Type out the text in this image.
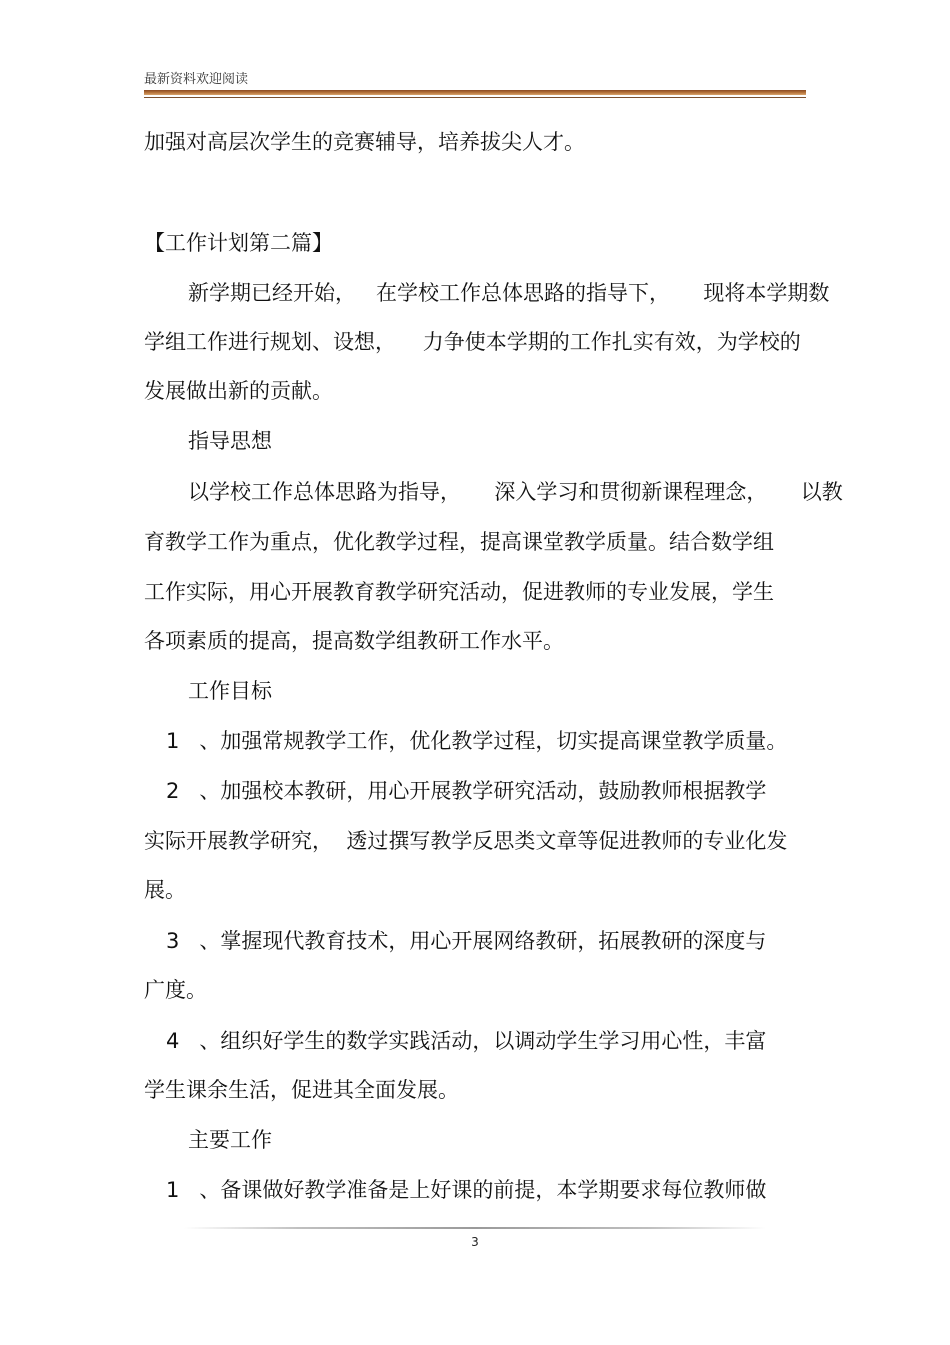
最新资料欢迎阅读
加强对高层次学生的竞赛辅导，培养拔尖人才。
【工作计划第二篇】
新学期已经开始，   在学校工作总体思路的指导下，     现将本学期数
学组工作进行规划、设想，    力争使本学期的工作扎实有效，为学校的
发展做出新的贡献。
指导思想
以学校工作总体思路为指导，     深入学习和贯彻新课程理念，     以教
育教学工作为重点，优化教学过程，提高课堂教学质量。结合数学组
工作实际，用心开展教育教学研究活动，促进教师的专业发展，学生
各项素质的提高，提高数学组教研工作水平。
工作目标
1   、加强常规教学工作，优化教学过程，切实提高课堂教学质量。
2   、加强校本教研，用心开展教学研究活动，鼓励教师根据教学
实际开展教学研究，  透过撰写教学反思类文章等促进教师的专业化发
展。
3   、掌握现代教育技术，用心开展网络教研，拓展教研的深度与
广度。
4   、组织好学生的数学实践活动，以调动学生学习用心性，丰富
学生课余生活，促进其全面发展。
主要工作
1   、备课做好教学准备是上好课的前提，本学期要求每位教师做
3
